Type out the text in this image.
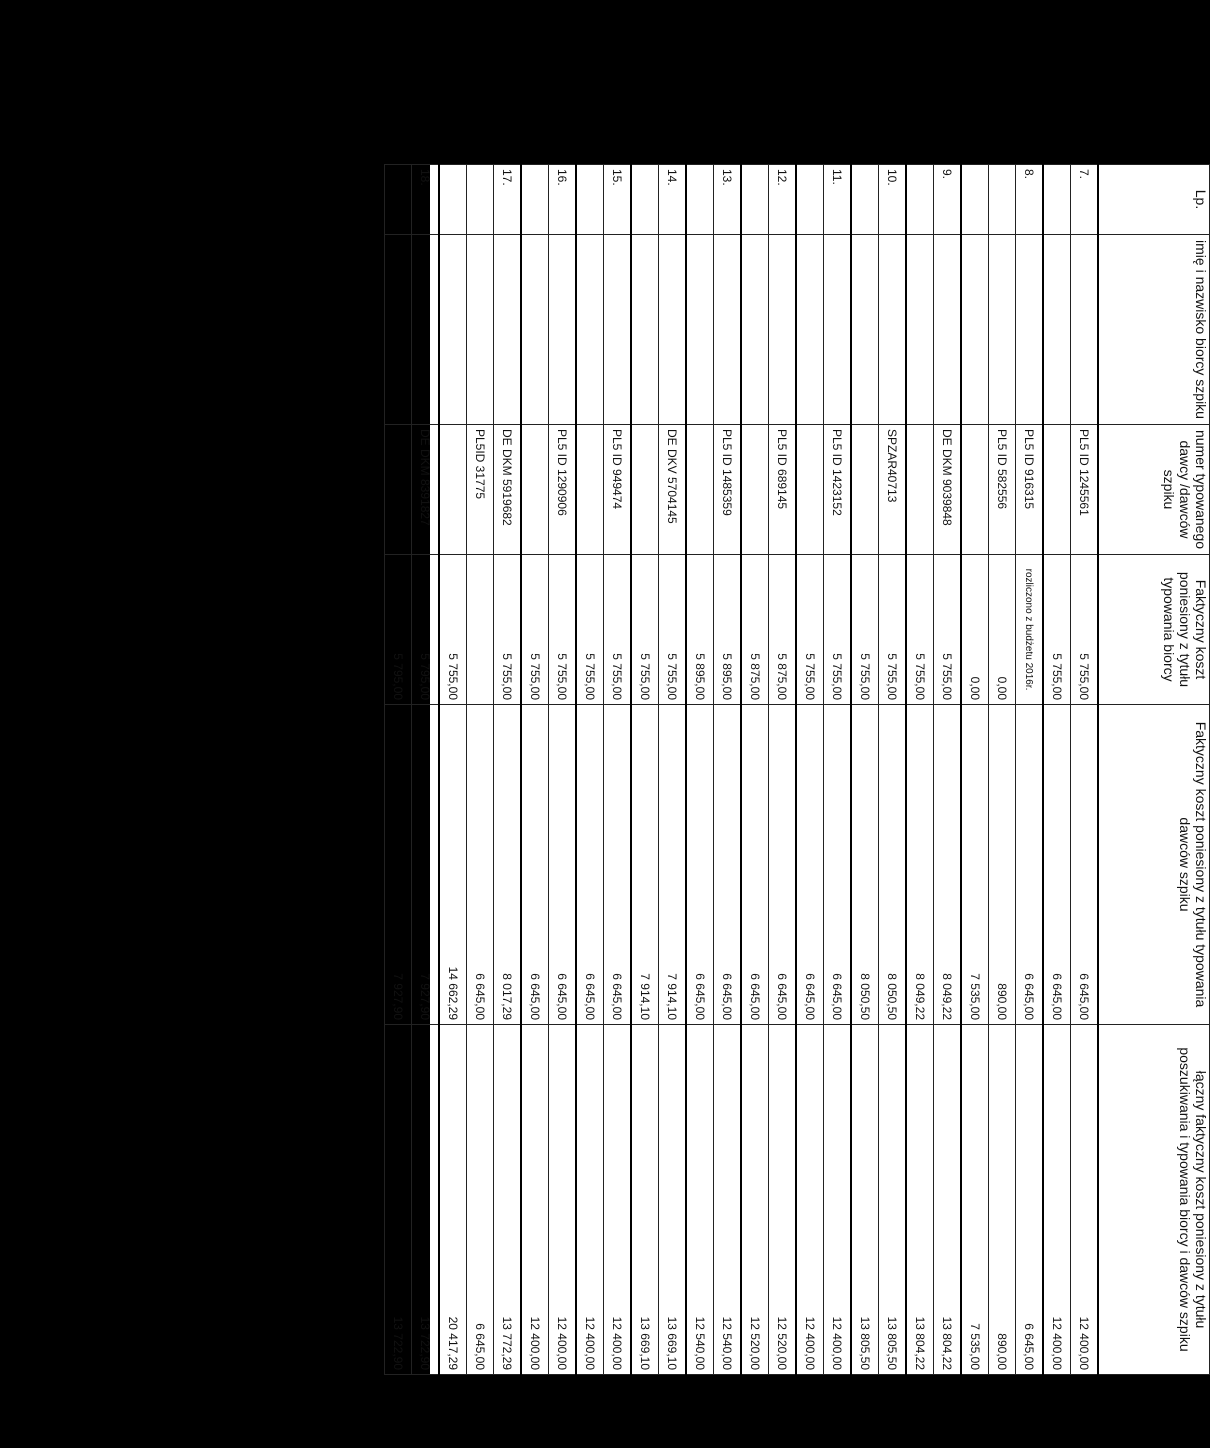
Lp.	imię i nazwisko biorcy szpiku	numer typowanego dawcy /dawców szpiku	Faktyczny koszt poniesiony z tytułu typowania biorcy	Faktyczny koszt poniesiony z tytułu typowania dawców szpiku	łączny faktyczny koszt poniesiony z tytułu poszukiwania i typowania biorcy i dawców szpiku
7.		PL5 ID 1245561	5 755,00	6 645,00	12 400,00
			5 755,00	6 645,00	12 400,00
8.		PL5 ID 916315	rozliczono z budżetu 2016r.	6 645,00	6 645,00
		PL5 ID 582556	0,00	890,00	890,00
			0,00	7 535,00	7 535,00
9.		DE DKM 9039848	5 755,00	8 049,22	13 804,22
			5 755,00	8 049,22	13 804,22
10.		SPZAR40713	5 755,00	8 050,50	13 805,50
			5 755,00	8 050,50	13 805,50
11.		PL5 ID 1423152	5 755,00	6 645,00	12 400,00
			5 755,00	6 645,00	12 400,00
12.		PL5 ID 689145	5 875,00	6 645,00	12 520,00
			5 875,00	6 645,00	12 520,00
13.		PL5 ID 1485359	5 895,00	6 645,00	12 540,00
			5 895,00	6 645,00	12 540,00
14.		DE DKV 5704145	5 755,00	7 914,10	13 669,10
			5 755,00	7 914,10	13 669,10
15.		PL5 ID 949474	5 755,00	6 645,00	12 400,00
			5 755,00	6 645,00	12 400,00
16.		PL5 ID 1290906	5 755,00	6 645,00	12 400,00
			5 755,00	6 645,00	12 400,00
17.		DE DKM 5919682	5 755,00	8 017,29	13 772,29
		PL5ID 31775		6 645,00	6 645,00
			5 755,00	14 662,29	20 417,29
18.		DE DKM 8391827	5 795,00	7 927,90	13 722,90
			5 795,00	7 927,90	13 722,90
